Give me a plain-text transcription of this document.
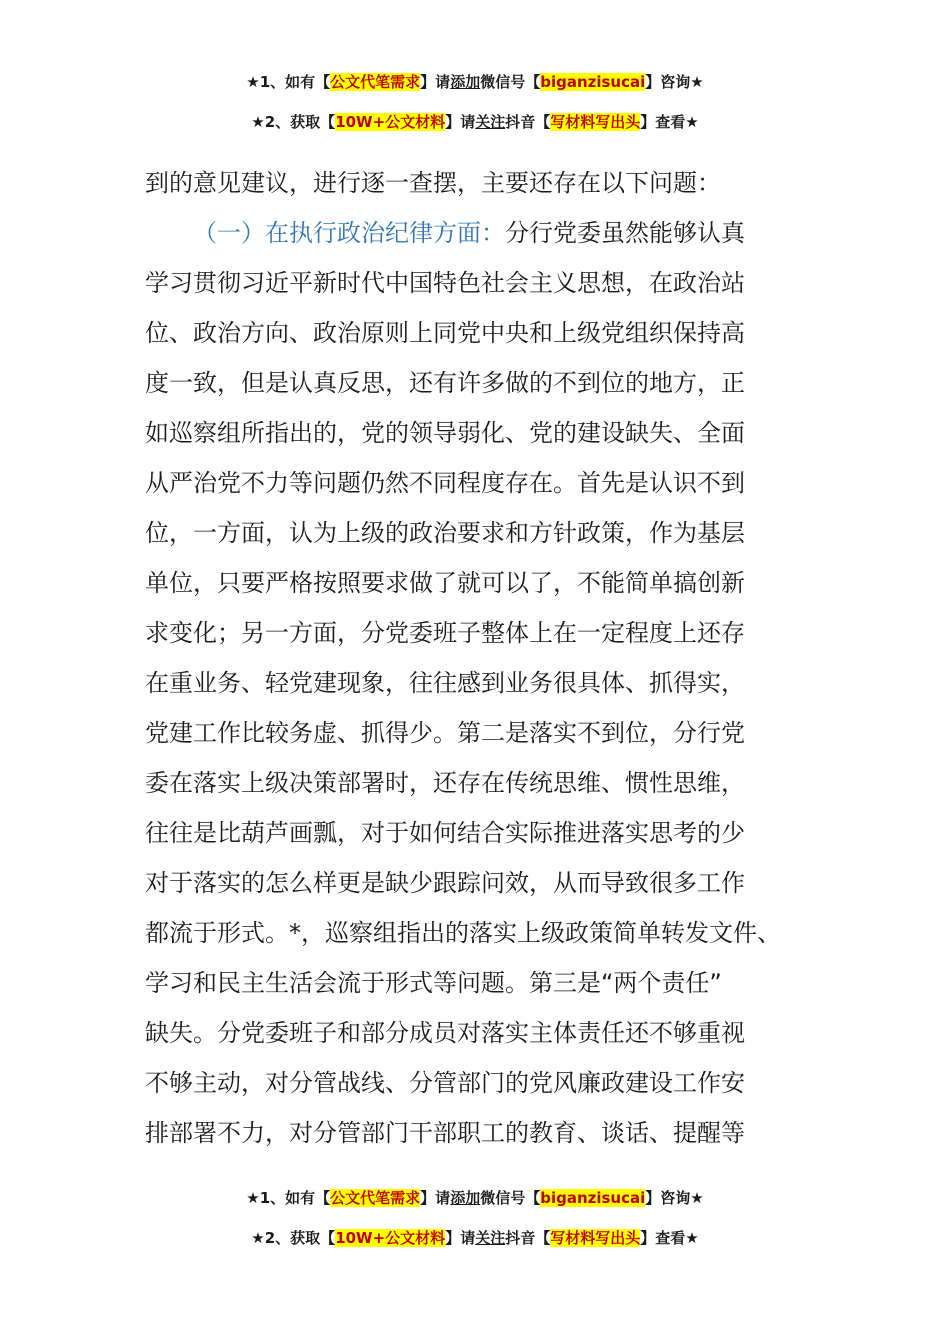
★1、如有【公文代笔需求】请添加微信号【biganzisucai】咨询★
★2、获取【10W+公文材料】请关注抖音【写材料写出头】查看★
到的意见建议，进行逐一查摆，主要还存在以下问题：
（一）在执行政治纪律方面：分行党委虽然能够认真
学习贯彻习近平新时代中国特色社会主义思想，在政治站
位、政治方向、政治原则上同党中央和上级党组织保持高
度一致，但是认真反思，还有许多做的不到位的地方，正
如巡察组所指出的，党的领导弱化、党的建设缺失、全面
从严治党不力等问题仍然不同程度存在。首先是认识不到
位，一方面，认为上级的政治要求和方针政策，作为基层
单位，只要严格按照要求做了就可以了，不能简单搞创新
求变化；另一方面，分党委班子整体上在一定程度上还存
在重业务、轻党建现象，往往感到业务很具体、抓得实，
党建工作比较务虚、抓得少。第二是落实不到位，分行党
委在落实上级决策部署时，还存在传统思维、惯性思维，
往往是比葫芦画瓢，对于如何结合实际推进落实思考的少
对于落实的怎么样更是缺少跟踪问效，从而导致很多工作
都流于形式。*，巡察组指出的落实上级政策简单转发文件、
学习和民主生活会流于形式等问题。第三是“两个责任”
缺失。分党委班子和部分成员对落实主体责任还不够重视
不够主动，对分管战线、分管部门的党风廉政建设工作安
排部署不力，对分管部门干部职工的教育、谈话、提醒等
★1、如有【公文代笔需求】请添加微信号【biganzisucai】咨询★
★2、获取【10W+公文材料】请关注抖音【写材料写出头】查看★
